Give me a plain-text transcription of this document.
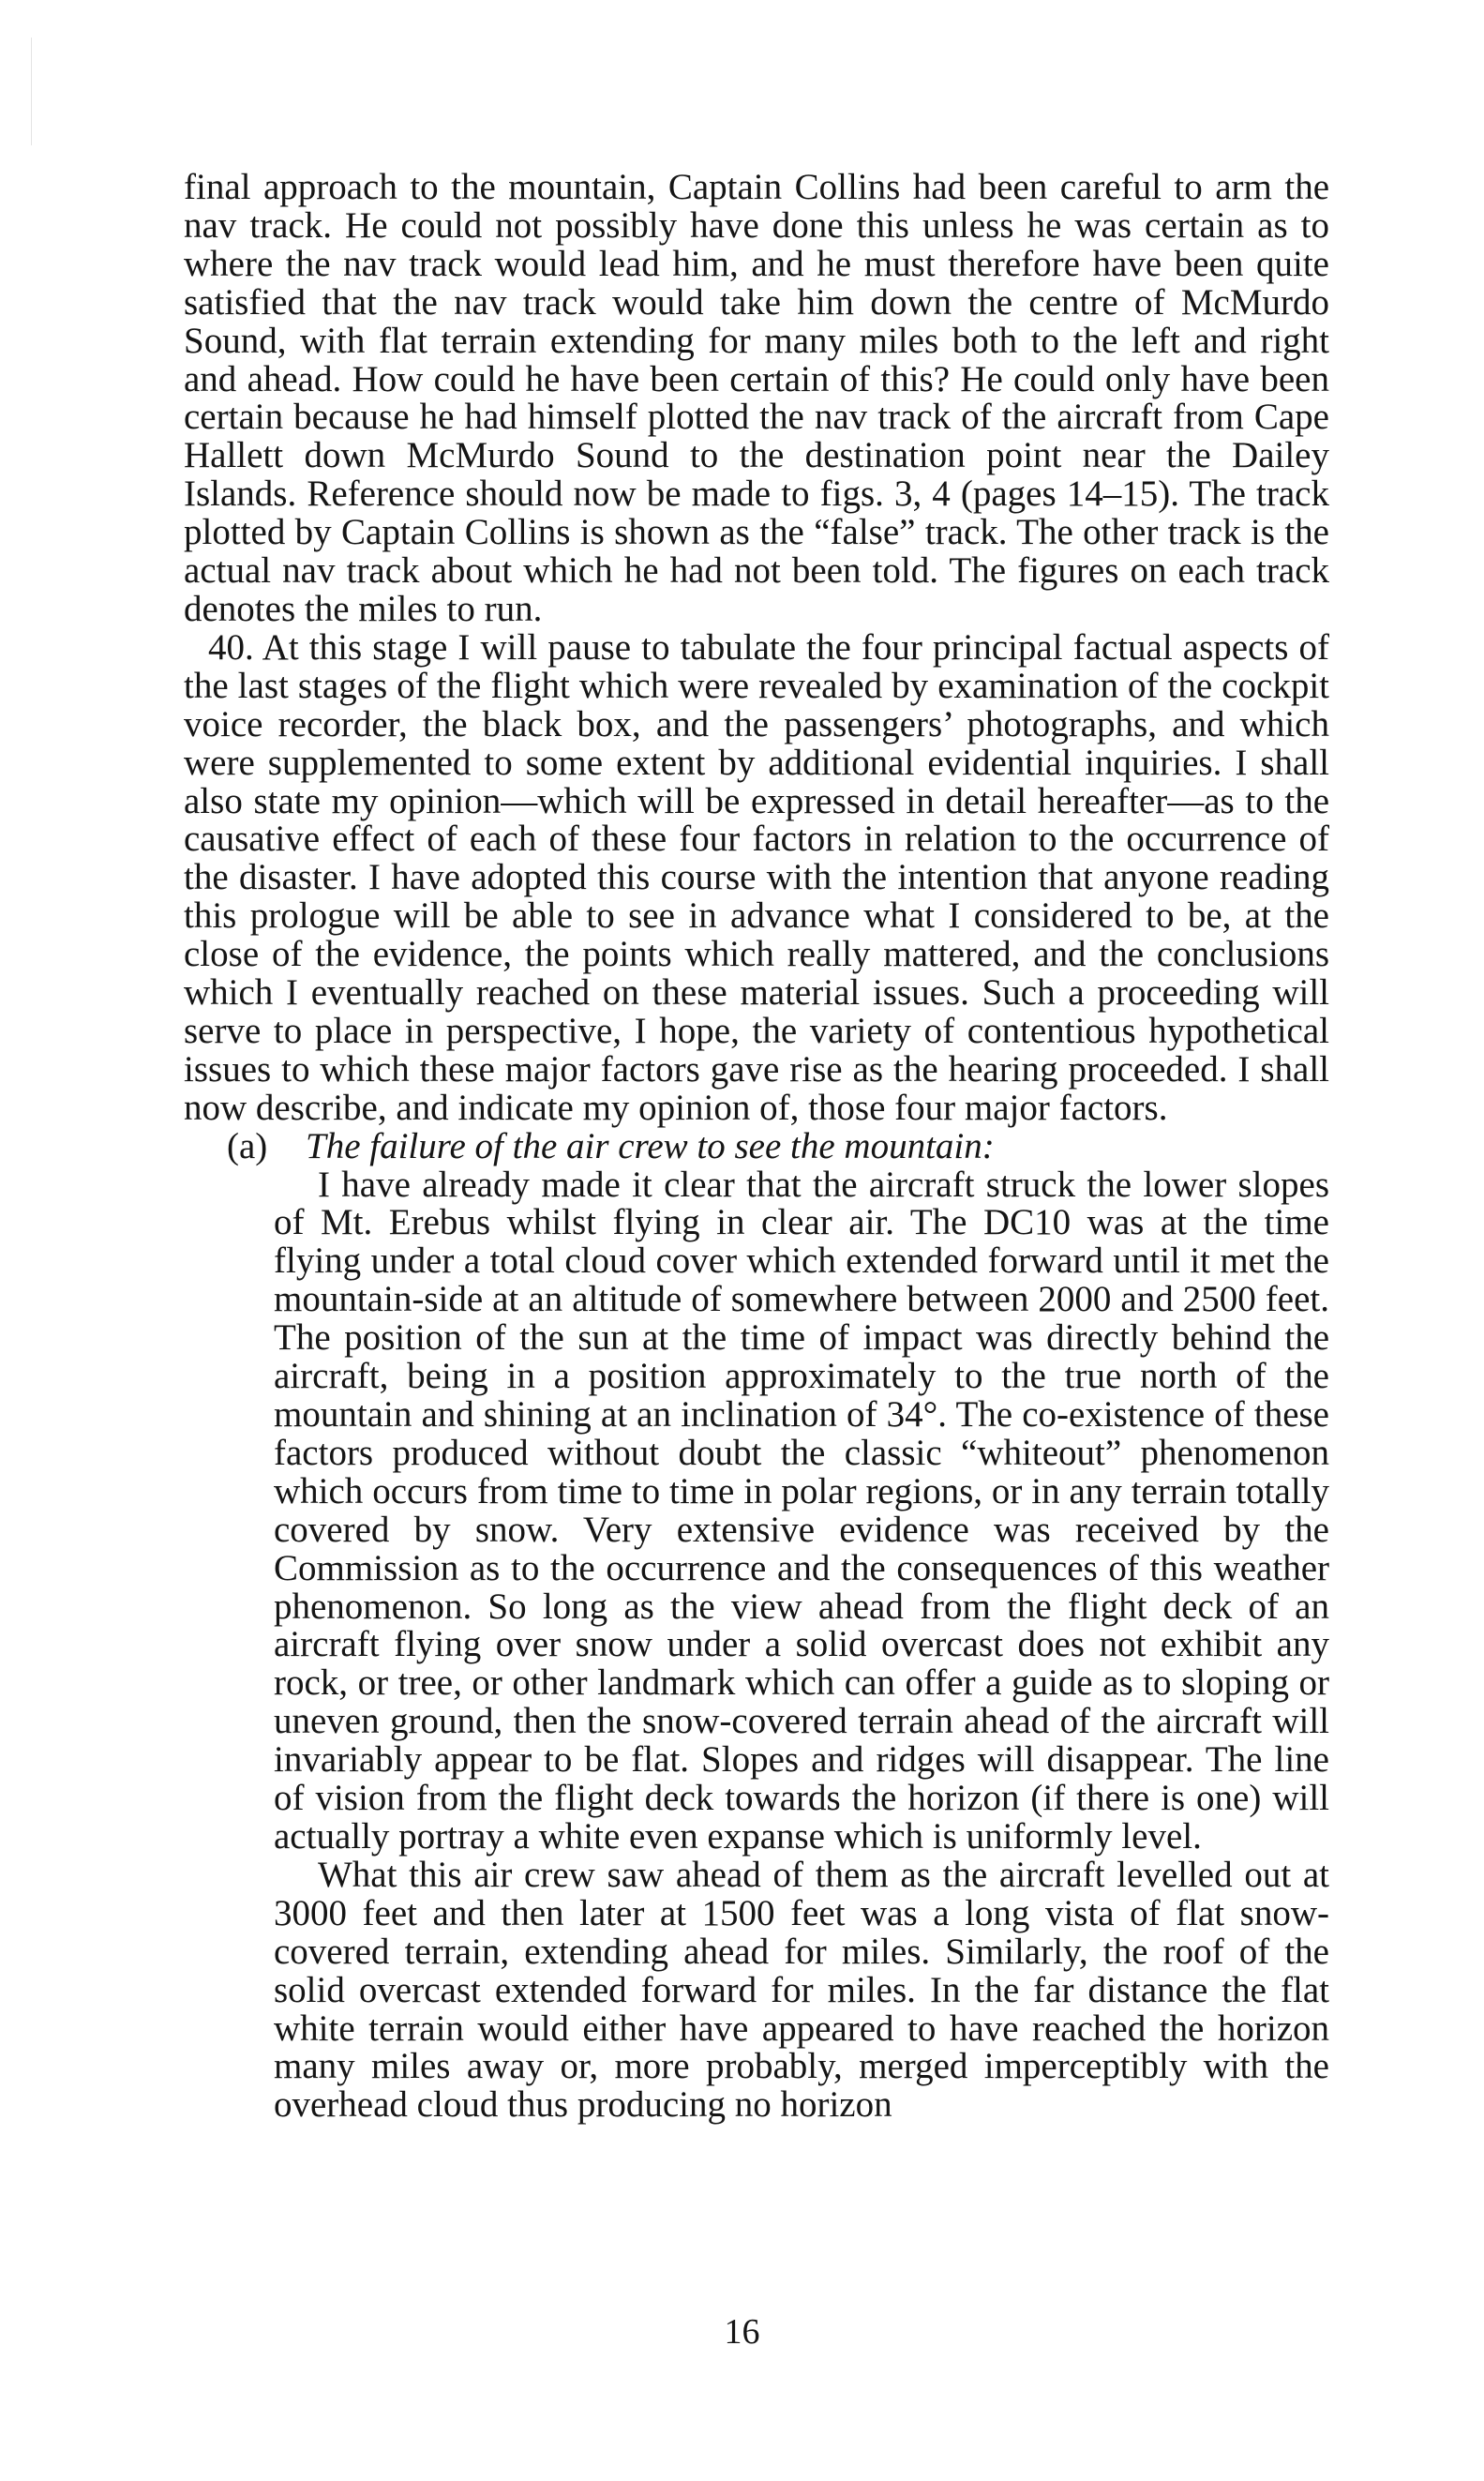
final approach to the mountain, Captain Collins had been careful to arm the nav track. He could not possibly have done this unless he was certain as to where the nav track would lead him, and he must therefore have been quite satisfied that the nav track would take him down the centre of McMurdo Sound, with flat terrain extending for many miles both to the left and right and ahead. How could he have been certain of this? He could only have been certain because he had himself plotted the nav track of the aircraft from Cape Hallett down McMurdo Sound to the destination point near the Dailey Islands. Reference should now be made to figs. 3, 4 (pages 14–15). The track plotted by Captain Collins is shown as the “false” track. The other track is the actual nav track about which he had not been told. The figures on each track denotes the miles to run.

40. At this stage I will pause to tabulate the four principal factual aspects of the last stages of the flight which were revealed by examination of the cockpit voice recorder, the black box, and the passengers’ photographs, and which were supplemented to some extent by additional evidential inquiries. I shall also state my opinion—which will be expressed in detail hereafter—as to the causative effect of each of these four factors in relation to the occurrence of the disaster. I have adopted this course with the intention that anyone reading this prologue will be able to see in advance what I considered to be, at the close of the evidence, the points which really mattered, and the conclusions which I eventually reached on these material issues. Such a proceeding will serve to place in perspective, I hope, the variety of contentious hypothetical issues to which these major factors gave rise as the hearing proceeded. I shall now describe, and indicate my opinion of, those four major factors.

(a) The failure of the air crew to see the mountain:

I have already made it clear that the aircraft struck the lower slopes of Mt. Erebus whilst flying in clear air. The DC10 was at the time flying under a total cloud cover which extended forward until it met the mountain-side at an altitude of somewhere between 2000 and 2500 feet. The position of the sun at the time of impact was directly behind the aircraft, being in a position approximately to the true north of the mountain and shining at an inclination of 34°. The co-existence of these factors produced without doubt the classic “whiteout” phenomenon which occurs from time to time in polar regions, or in any terrain totally covered by snow. Very extensive evidence was received by the Commission as to the occurrence and the consequences of this weather phenomenon. So long as the view ahead from the flight deck of an aircraft flying over snow under a solid overcast does not exhibit any rock, or tree, or other landmark which can offer a guide as to sloping or uneven ground, then the snow-covered terrain ahead of the aircraft will invariably appear to be flat. Slopes and ridges will disappear. The line of vision from the flight deck towards the horizon (if there is one) will actually portray a white even expanse which is uniformly level.

What this air crew saw ahead of them as the aircraft levelled out at 3000 feet and then later at 1500 feet was a long vista of flat snow-covered terrain, extending ahead for miles. Similarly, the roof of the solid overcast extended forward for miles. In the far distance the flat white terrain would either have appeared to have reached the horizon many miles away or, more probably, merged imperceptibly with the overhead cloud thus producing no horizon

16
